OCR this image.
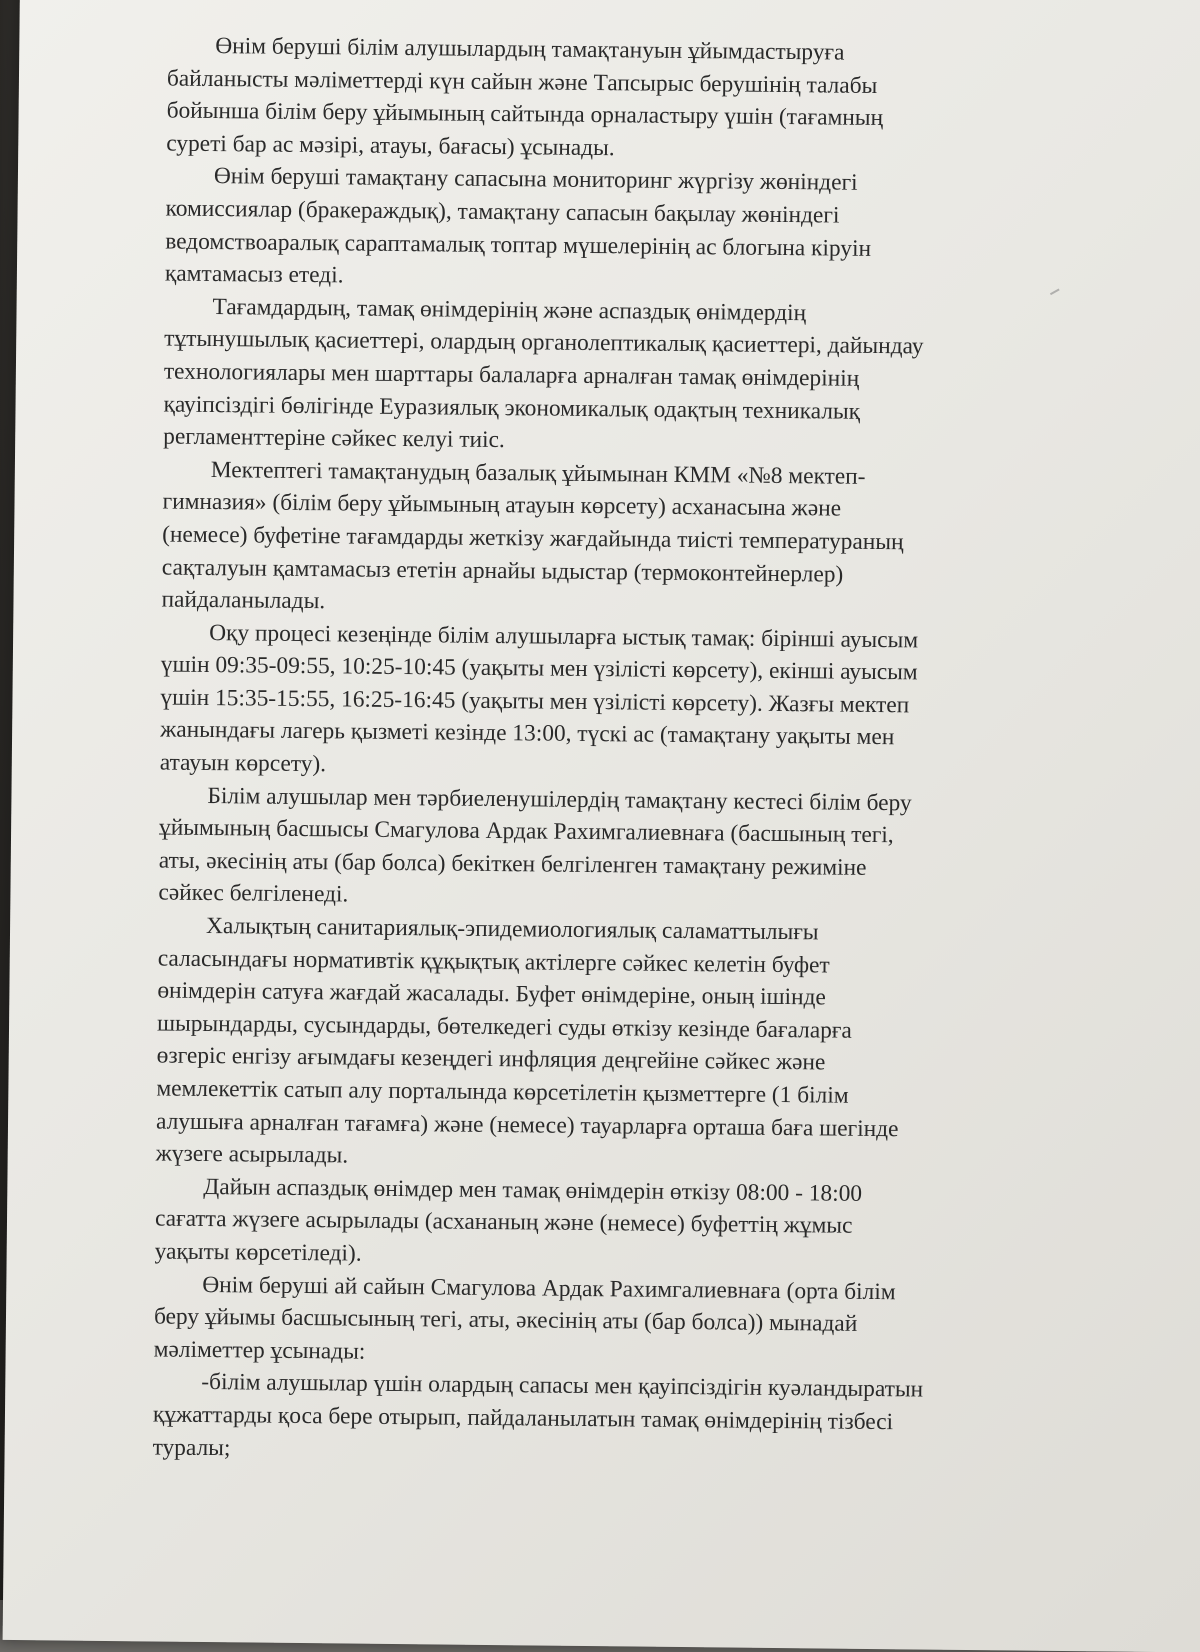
Өнім беруші білім алушылардың тамақтануын ұйымдастыруға
байланысты мәліметтерді күн сайын және Тапсырыс берушінің талабы
бойынша білім беру ұйымының сайтында орналастыру үшін (тағамның
суреті бар ас мәзірі, атауы, бағасы) ұсынады.
Өнім беруші тамақтану сапасына мониторинг жүргізу жөніндегі
комиссиялар (бракераждық), тамақтану сапасын бақылау жөніндегі
ведомствоаралық сараптамалық топтар мүшелерінің ас блогына кіруін
қамтамасыз етеді.
Тағамдардың, тамақ өнімдерінің және аспаздық өнімдердің
тұтынушылық қасиеттері, олардың органолептикалық қасиеттері, дайындау
технологиялары мен шарттары балаларға арналған тамақ өнімдерінің
қауіпсіздігі бөлігінде Еуразиялық экономикалық одақтың техникалық
регламенттеріне сәйкес келуі тиіс.
Мектептегі тамақтанудың базалық ұйымынан КММ «№8 мектеп-
гимназия» (білім беру ұйымының атауын көрсету) асханасына және
(немесе) буфетіне тағамдарды жеткізу жағдайында тиісті температураның
сақталуын қамтамасыз ететін арнайы ыдыстар (термоконтейнерлер)
пайдаланылады.
Оқу процесі кезеңінде білім алушыларға ыстық тамақ: бірінші ауысым
үшін 09:35-09:55, 10:25-10:45 (уақыты мен үзілісті көрсету), екінші ауысым
үшін 15:35-15:55, 16:25-16:45 (уақыты мен үзілісті көрсету). Жазғы мектеп
жанындағы лагерь қызметі кезінде 13:00, түскі ас (тамақтану уақыты мен
атауын көрсету).
Білім алушылар мен тәрбиеленушілердің тамақтану кестесі білім беру
ұйымының басшысы Смагулова Ардак Рахимгалиевнаға (басшының тегі,
аты, әкесінің аты (бар болса) бекіткен белгіленген тамақтану режиміне
сәйкес белгіленеді.
Халықтың санитариялық-эпидемиологиялық саламаттылығы
саласындағы нормативтік құқықтық актілерге сәйкес келетін буфет
өнімдерін сатуға жағдай жасалады. Буфет өнімдеріне, оның ішінде
шырындарды, сусындарды, бөтелкедегі суды өткізу кезінде бағаларға
өзгеріс енгізу ағымдағы кезеңдегі инфляция деңгейіне сәйкес және
мемлекеттік сатып алу порталында көрсетілетін қызметтерге (1 білім
алушыға арналған тағамға) және (немесе) тауарларға орташа баға шегінде
жүзеге асырылады.
Дайын аспаздық өнімдер мен тамақ өнімдерін өткізу 08:00 - 18:00
сағатта жүзеге асырылады (асхананың және (немесе) буфеттің жұмыс
уақыты көрсетіледі).
Өнім беруші ай сайын Смагулова Ардак Рахимгалиевнаға (орта білім
беру ұйымы басшысының тегі, аты, әкесінің аты (бар болса)) мынадай
мәліметтер ұсынады:
-білім алушылар үшін олардың сапасы мен қауіпсіздігін куәландыратын
құжаттарды қоса бере отырып, пайдаланылатын тамақ өнімдерінің тізбесі
туралы;
